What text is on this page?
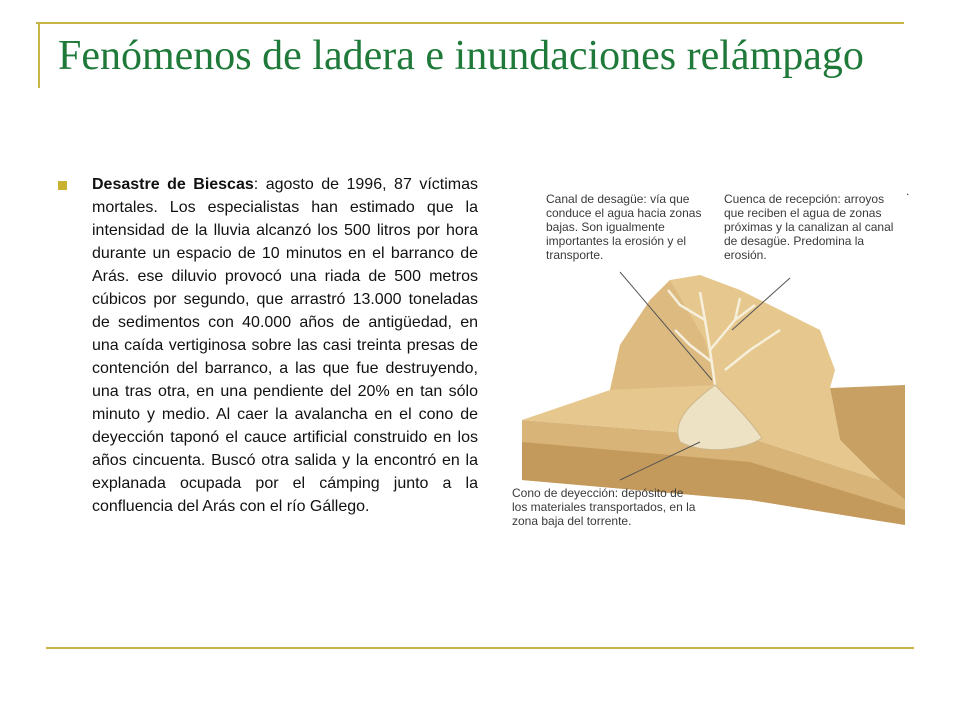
Fenómenos de ladera e inundaciones relámpago

Desastre de Biescas: agosto de 1996, 87 víctimas mortales. Los especialistas han estimado que la intensidad de la lluvia alcanzó los 500 litros por hora durante un espacio de 10 minutos en el barranco de Arás. ese diluvio provocó una riada de 500 metros cúbicos por segundo, que arrastró 13.000 toneladas de sedimentos con 40.000 años de antigüedad, en una caída vertiginosa sobre las casi treinta presas de contención del barranco, a las que fue destruyendo, una tras otra, en una pendiente del 20% en tan sólo minuto y medio. Al caer la avalancha en el cono de deyección taponó el cauce artificial construido en los años cincuenta. Buscó otra salida y la encontró en la explanada ocupada por el cámping junto a la confluencia del Arás con el río Gállego.

Canal de desagüe: vía que conduce el agua hacia zonas bajas. Son igualmente importantes la erosión y el transporte.

Cuenca de recepción: arroyos que reciben el agua de zonas próximas y la canalizan al canal de desagüe. Predomina la erosión.

Cono de deyección: depósito de los materiales transportados, en la zona baja del torrente.

.
